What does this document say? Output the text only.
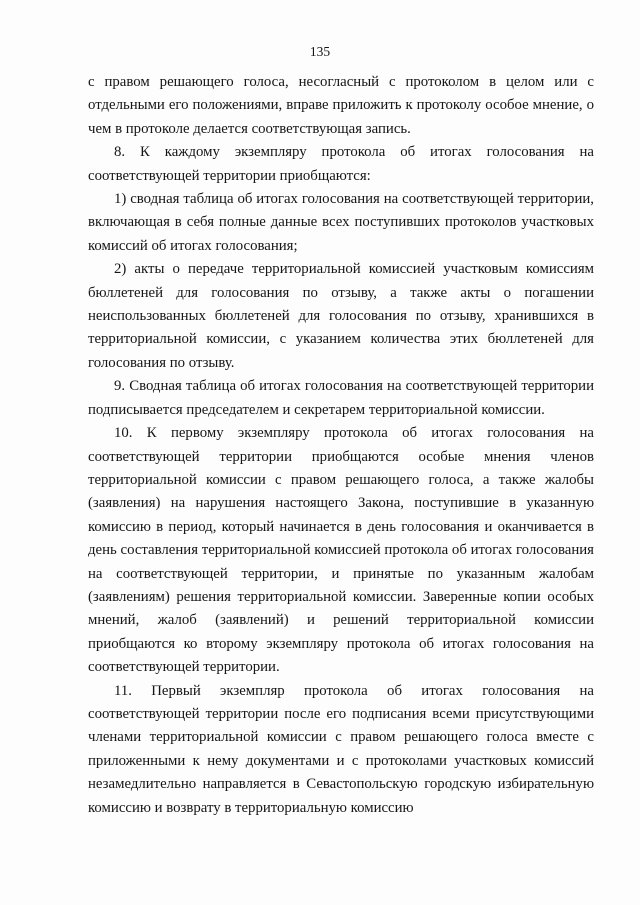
135

с правом решающего голоса, несогласный с протоколом в целом или с отдельными его положениями, вправе приложить к протоколу особое мнение, о чем в протоколе делается соответствующая запись.

8. К каждому экземпляру протокола об итогах голосования на соответствующей территории приобщаются:

1) сводная таблица об итогах голосования на соответствующей территории, включающая в себя полные данные всех поступивших протоколов участковых комиссий об итогах голосования;

2) акты о передаче территориальной комиссией участковым комиссиям бюллетеней для голосования по отзыву, а также акты о погашении неиспользованных бюллетеней для голосования по отзыву, хранившихся в территориальной комиссии, с указанием количества этих бюллетеней для голосования по отзыву.

9. Сводная таблица об итогах голосования на соответствующей территории подписывается председателем и секретарем территориальной комиссии.

10. К первому экземпляру протокола об итогах голосования на соответствующей территории приобщаются особые мнения членов территориальной комиссии с правом решающего голоса, а также жалобы (заявления) на нарушения настоящего Закона, поступившие в указанную комиссию в период, который начинается в день голосования и оканчивается в день составления территориальной комиссией протокола об итогах голосования на соответствующей территории, и принятые по указанным жалобам (заявлениям) решения территориальной комиссии. Заверенные копии особых мнений, жалоб (заявлений) и решений территориальной комиссии приобщаются ко второму экземпляру протокола об итогах голосования на соответствующей территории.

11. Первый экземпляр протокола об итогах голосования на соответствующей территории после его подписания всеми присутствующими членами территориальной комиссии с правом решающего голоса вместе с приложенными к нему документами и с протоколами участковых комиссий незамедлительно направляется в Севастопольскую городскую избирательную комиссию и возврату в территориальную комиссию
